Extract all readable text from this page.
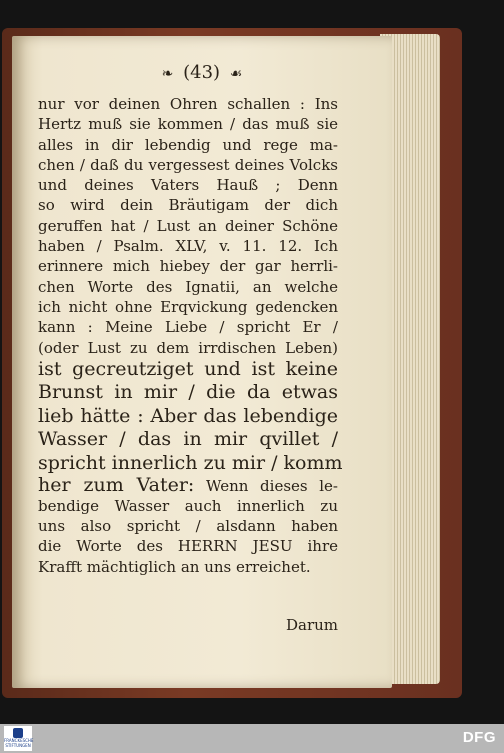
❧ (43) ☙
nur vor deinen Ohren schallen : Ins
Hertz muß sie kommen / das muß sie
alles in dir lebendig und rege ma-
chen / daß du vergessest deines Volcks
und deines Vaters Hauß ; Denn
so wird dein Bräutigam der dich
geruffen hat / Lust an deiner Schöne
haben / Psalm. XLV, v. 11. 12. Ich
erinnere mich hiebey der gar herrli-
chen Worte des Ignatii, an welche
ich nicht ohne Erqvickung gedencken
kann : Meine Liebe / spricht Er /
(oder Lust zu dem irrdischen Leben)
ist gecreutziget und ist keine
Brunst in mir / die da etwas
lieb hätte : Aber das lebendige
Wasser / das in mir qvillet /
spricht innerlich zu mir / komm
her zum Vater: Wenn dieses le-
bendige Wasser auch innerlich zu
uns also spricht / alsdann haben
die Worte des HERRN JESU ihre
Krafft mächtiglich an uns erreichet.
Darum
FRANCKESCHE STIFTUNGEN	DFG
